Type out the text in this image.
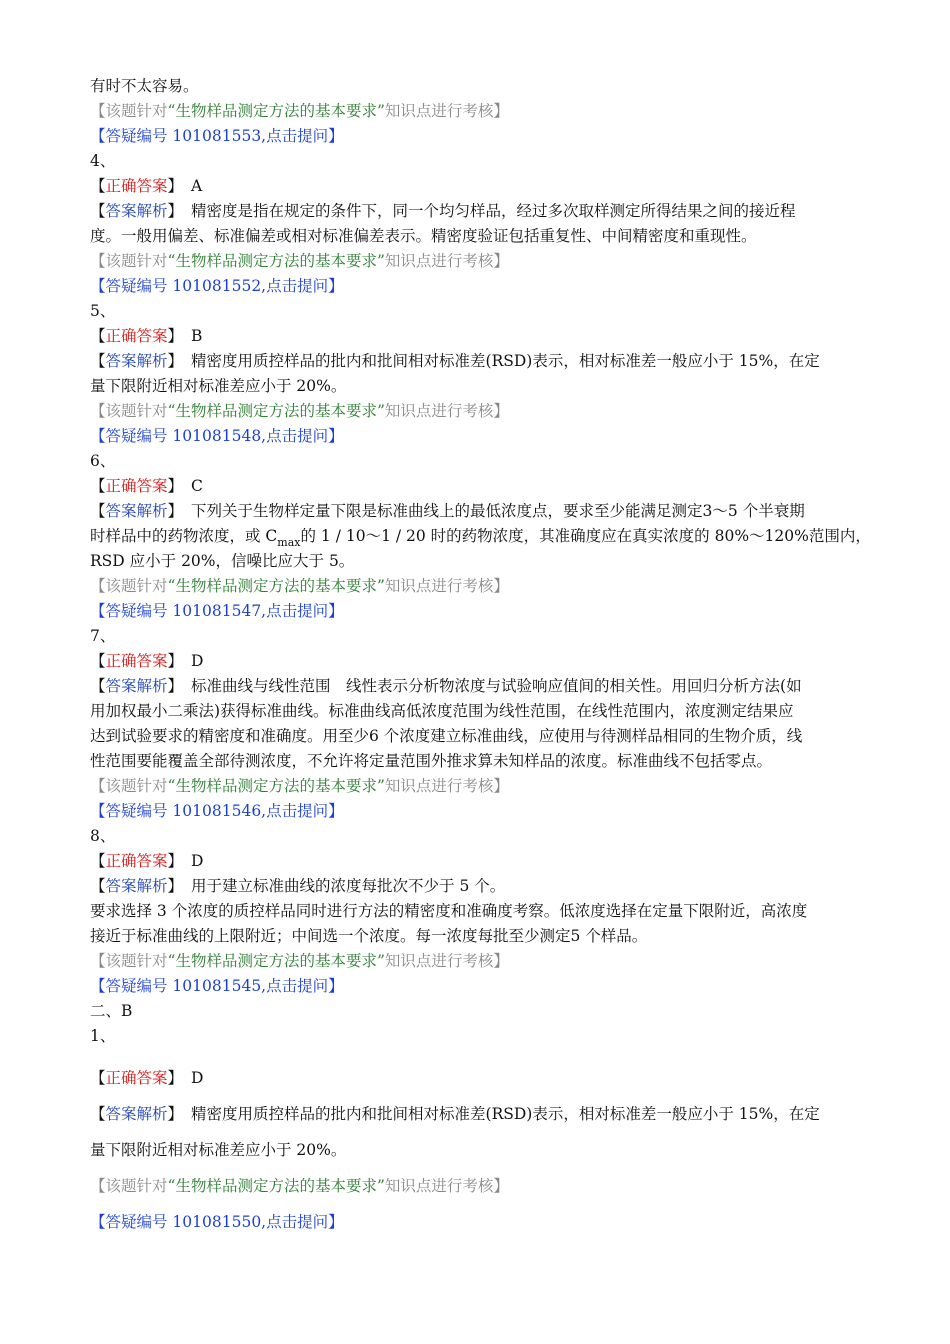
有时不太容易。
【该题针对“生物样品测定方法的基本要求”知识点进行考核】
【答疑编号 101081553,点击提问】
4、
【正确答案】 A
【答案解析】 精密度是指在规定的条件下，同一个均匀样品，经过多次取样测定所得结果之间的接近程
度。一般用偏差、标准偏差或相对标准偏差表示。精密度验证包括重复性、中间精密度和重现性。
【该题针对“生物样品测定方法的基本要求”知识点进行考核】
【答疑编号 101081552,点击提问】
5、
【正确答案】 B
【答案解析】 精密度用质控样品的批内和批间相对标准差(RSD)表示，相对标准差一般应小于 15%，在定
量下限附近相对标准差应小于 20%。
【该题针对“生物样品测定方法的基本要求”知识点进行考核】
【答疑编号 101081548,点击提问】
6、
【正确答案】 C
【答案解析】 下列关于生物样定量下限是标准曲线上的最低浓度点，要求至少能满足测定3～5 个半衰期
时样品中的药物浓度，或 $C_{max}$的 1 / 10～1 / 20 时的药物浓度，其准确度应在真实浓度的 80%～120%范围内，
RSD 应小于 20%，信噪比应大于 5。
【该题针对“生物样品测定方法的基本要求”知识点进行考核】
【答疑编号 101081547,点击提问】
7、
【正确答案】 D
【答案解析】 标准曲线与线性范围　线性表示分析物浓度与试验响应值间的相关性。用回归分析方法(如
用加权最小二乘法)获得标准曲线。标准曲线高低浓度范围为线性范围，在线性范围内，浓度测定结果应
达到试验要求的精密度和准确度。用至少6 个浓度建立标准曲线，应使用与待测样品相同的生物介质，线
性范围要能覆盖全部待测浓度，不允许将定量范围外推求算未知样品的浓度。标准曲线不包括零点。
【该题针对“生物样品测定方法的基本要求”知识点进行考核】
【答疑编号 101081546,点击提问】
8、
【正确答案】 D
【答案解析】 用于建立标准曲线的浓度每批次不少于 5 个。
要求选择 3 个浓度的质控样品同时进行方法的精密度和准确度考察。低浓度选择在定量下限附近，高浓度
接近于标准曲线的上限附近；中间选一个浓度。每一浓度每批至少测定5 个样品。
【该题针对“生物样品测定方法的基本要求”知识点进行考核】
【答疑编号 101081545,点击提问】
二、B
1、
【正确答案】 D
【答案解析】 精密度用质控样品的批内和批间相对标准差(RSD)表示，相对标准差一般应小于 15%，在定
量下限附近相对标准差应小于 20%。
【该题针对“生物样品测定方法的基本要求”知识点进行考核】
【答疑编号 101081550,点击提问】
